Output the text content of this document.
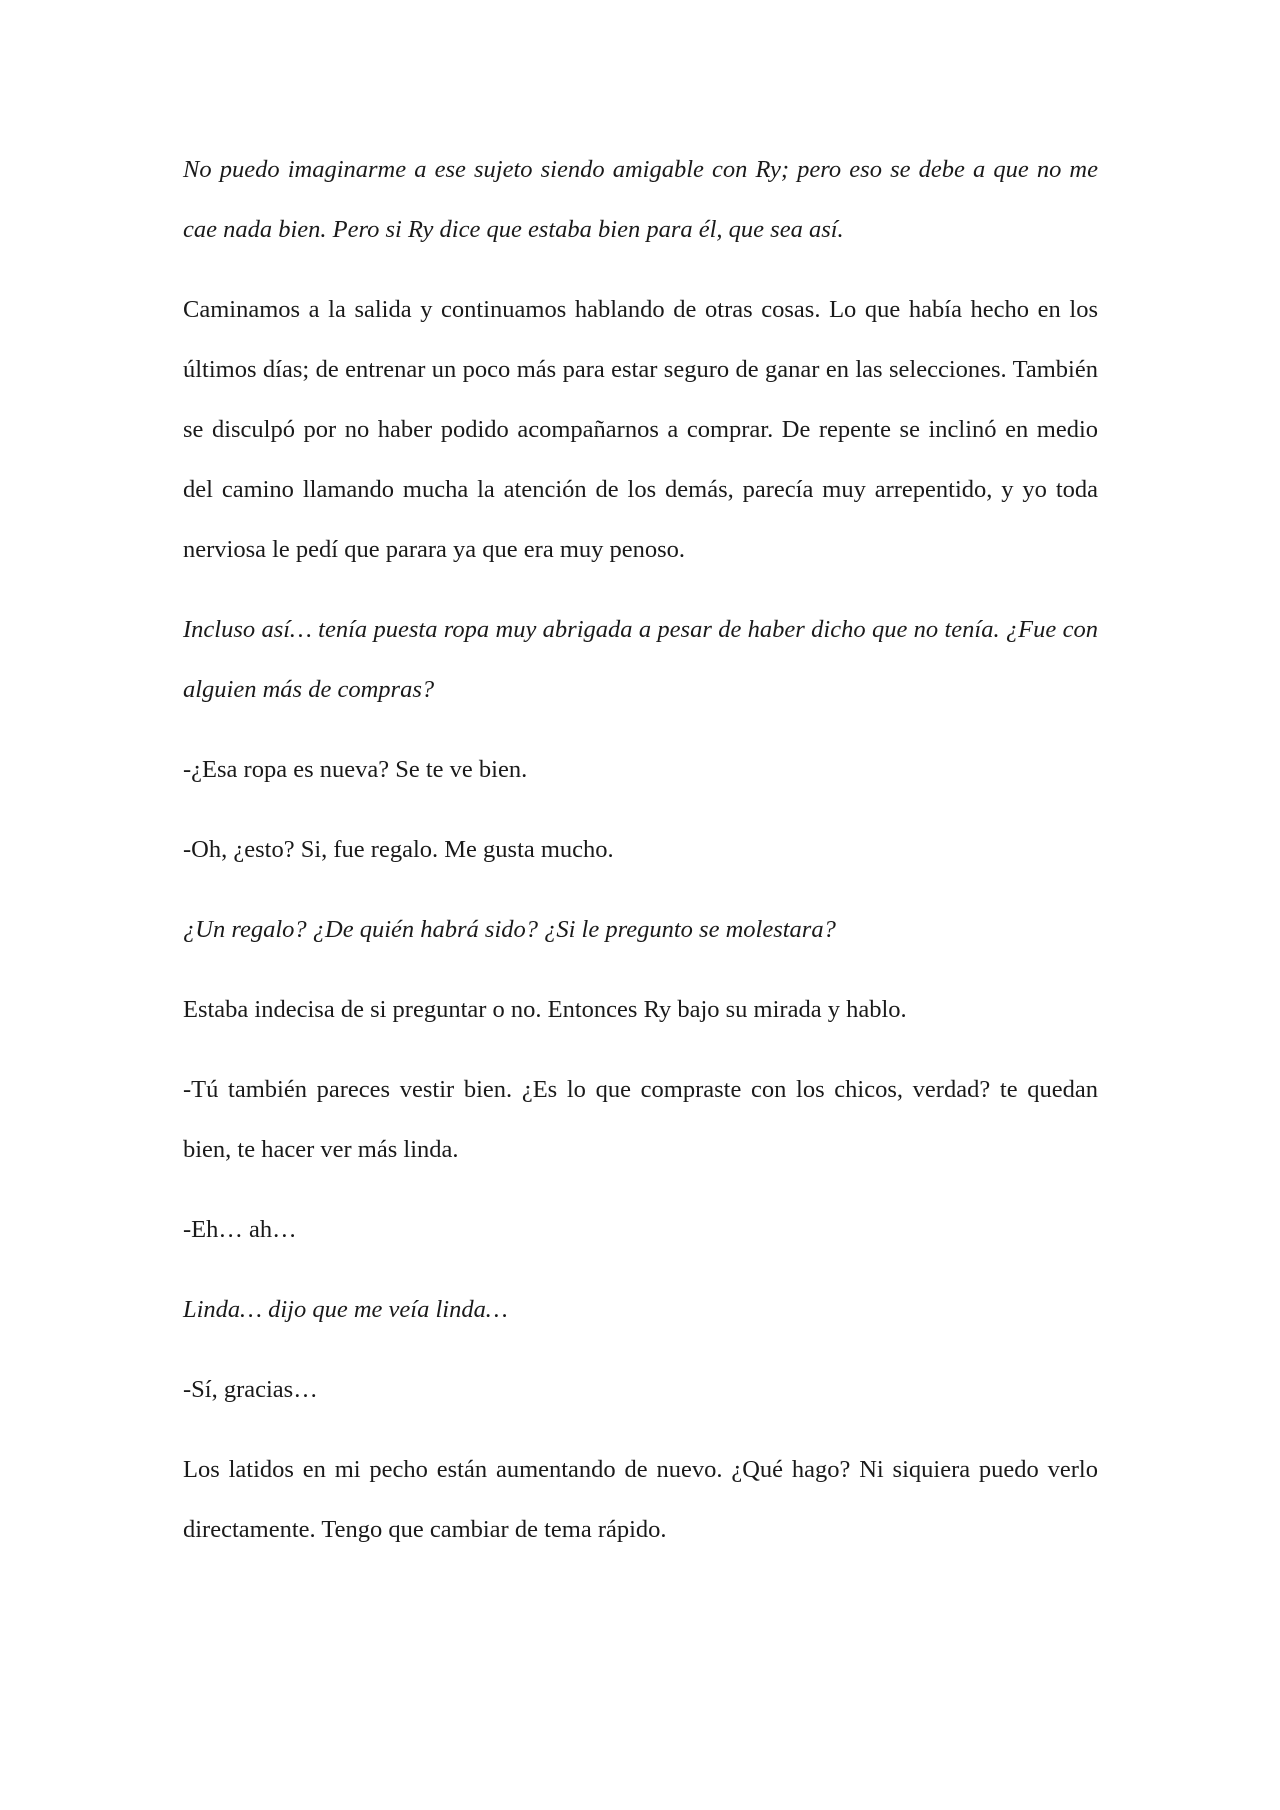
No puedo imaginarme a ese sujeto siendo amigable con Ry; pero eso se debe a que no me cae nada bien. Pero si Ry dice que estaba bien para él, que sea así.

Caminamos a la salida y continuamos hablando de otras cosas. Lo que había hecho en los últimos días; de entrenar un poco más para estar seguro de ganar en las selecciones. También se disculpó por no haber podido acompañarnos a comprar. De repente se inclinó en medio del camino llamando mucha la atención de los demás, parecía muy arrepentido, y yo toda nerviosa le pedí que parara ya que era muy penoso.

Incluso así… tenía puesta ropa muy abrigada a pesar de haber dicho que no tenía. ¿Fue con alguien más de compras?

-¿Esa ropa es nueva? Se te ve bien.

-Oh, ¿esto? Si, fue regalo. Me gusta mucho.

¿Un regalo? ¿De quién habrá sido? ¿Si le pregunto se molestara?

Estaba indecisa de si preguntar o no. Entonces Ry bajo su mirada y hablo.

-Tú también pareces vestir bien. ¿Es lo que compraste con los chicos, verdad? te quedan bien, te hacer ver más linda.

-Eh… ah…

Linda… dijo que me veía linda…

-Sí, gracias…

Los latidos en mi pecho están aumentando de nuevo. ¿Qué hago? Ni siquiera puedo verlo directamente. Tengo que cambiar de tema rápido.
